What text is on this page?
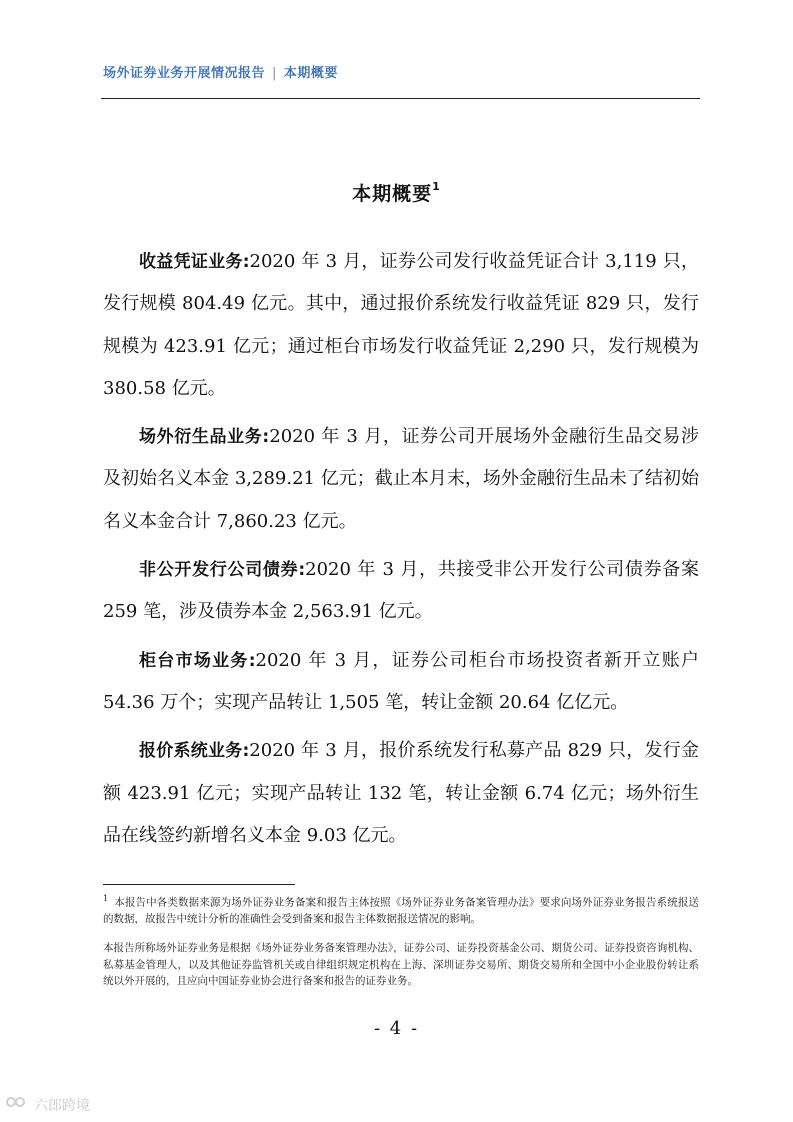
场外证券业务开展情况报告 | 本期概要
本期概要$^1$

收益凭证业务:2020 年 3 月，证券公司发行收益凭证合计 3,119 只，发行规模 804.49 亿元。其中，通过报价系统发行收益凭证 829 只，发行规模为 423.91 亿元；通过柜台市场发行收益凭证 2,290 只，发行规模为 380.58 亿元。

场外衍生品业务:2020 年 3 月，证券公司开展场外金融衍生品交易涉及初始名义本金 3,289.21 亿元；截止本月末，场外金融衍生品未了结初始名义本金合计 7,860.23 亿元。

非公开发行公司债券:2020 年 3 月，共接受非公开发行公司债券备案 259 笔，涉及债券本金 2,563.91 亿元。

柜台市场业务:2020 年 3 月，证券公司柜台市场投资者新开立账户 54.36 万个；实现产品转让 1,505 笔，转让金额 20.64 亿亿元。

报价系统业务:2020 年 3 月，报价系统发行私募产品 829 只，发行金额 423.91 亿元；实现产品转让 132 笔，转让金额 6.74 亿元；场外衍生品在线签约新增名义本金 9.03 亿元。

$^1$ 本报告中各类数据来源为场外证券业务备案和报告主体按照《场外证券业务备案管理办法》要求向场外证券业务报告系统报送的数据，故报告中统计分析的准确性会受到备案和报告主体数据报送情况的影响。
本报告所称场外证券业务是根据《场外证券业务备案管理办法》，证券公司、证券投资基金公司、期货公司、证券投资咨询机构、私募基金管理人，以及其他证券监管机关或自律组织规定机构在上海、深圳证券交易所、期货交易所和全国中小企业股份转让系统以外开展的，且应向中国证券业协会进行备案和报告的证券业务。
- 4 -
六郎跨境
